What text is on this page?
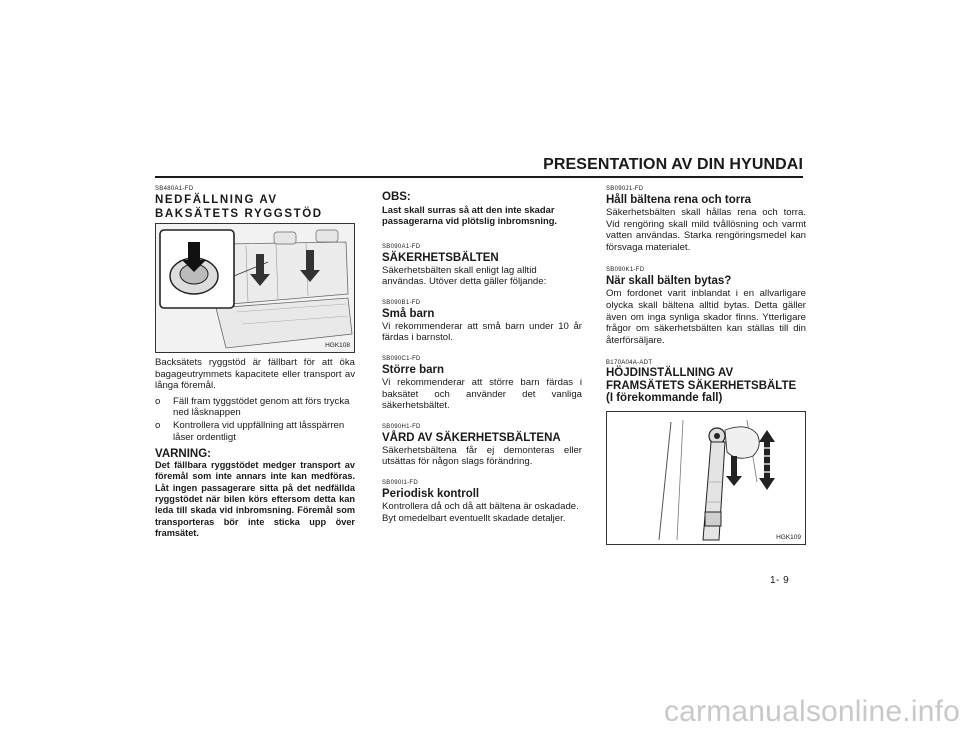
PRESENTATION AV DIN HYUNDAI
SB480A1-FD
NEDFÄLLNING AV BAKSÄTETS RYGGSTÖD
HGK108
Backsätets ryggstöd är fällbart för att öka bagageutrymmets kapacitete eller transport av långa föremål.
o Fäll fram tyggstödet genom att förs trycka ned låsknappen
o Kontrollera vid uppfällning att låsspärren låser ordentligt
VARNING:
Det fällbara ryggstödet medger transport av föremål som inte annars inte kan medföras. Låt ingen passagerare sitta på det nedfällda ryggstödet när bilen körs eftersom detta kan leda till skada vid inbromsning. Föremål som transporteras bör inte sticka upp över framsätet.
OBS:
Last skall surras så att den inte skadar passagerarna vid plötslig inbromsning.
SB090A1-FD
SÄKERHETSBÄLTEN
Säkerhetsbälten skall enligt lag alltid användas. Utöver detta gäller följande:
SB090B1-FD
Små barn
Vi rekommenderar att små barn under 10 år färdas i barnstol.
SB090C1-FD
Större barn
Vi rekommenderar att större barn färdas i baksätet och använder det vanliga säkerhetsbältet.
SB090H1-FD
VÅRD AV SÄKERHETSBÄLTENA
Säkerhetsbältena får ej demonteras eller utsättas för någon slags förändring.
SB090I1-FD
Periodisk kontroll
Kontrollera då och då att bältena är oskadade. Byt omedelbart eventuellt skadade detaljer.
SB090J1-FD
Håll bältena rena och torra
Säkerhetsbälten skall hållas rena och torra. Vid rengöring skall mild tvållösning och varmt vatten användas. Starka rengöringsmedel kan försvaga materialet.
SB090K1-FD
När skall bälten bytas?
Om fordonet varit inblandat i en allvarligare olycka skall bältena alltid bytas. Detta gäller även om inga synliga skador finns. Ytterligare frågor om säkerhetsbälten kan ställas till din återförsäljare.
B170A04A-ADT
HÖJDINSTÄLLNING AV FRAMSÄTETS SÄKERHETSBÄLTE
(I förekommande fall)
HGK109
1- 9
carmanualsonline.info
